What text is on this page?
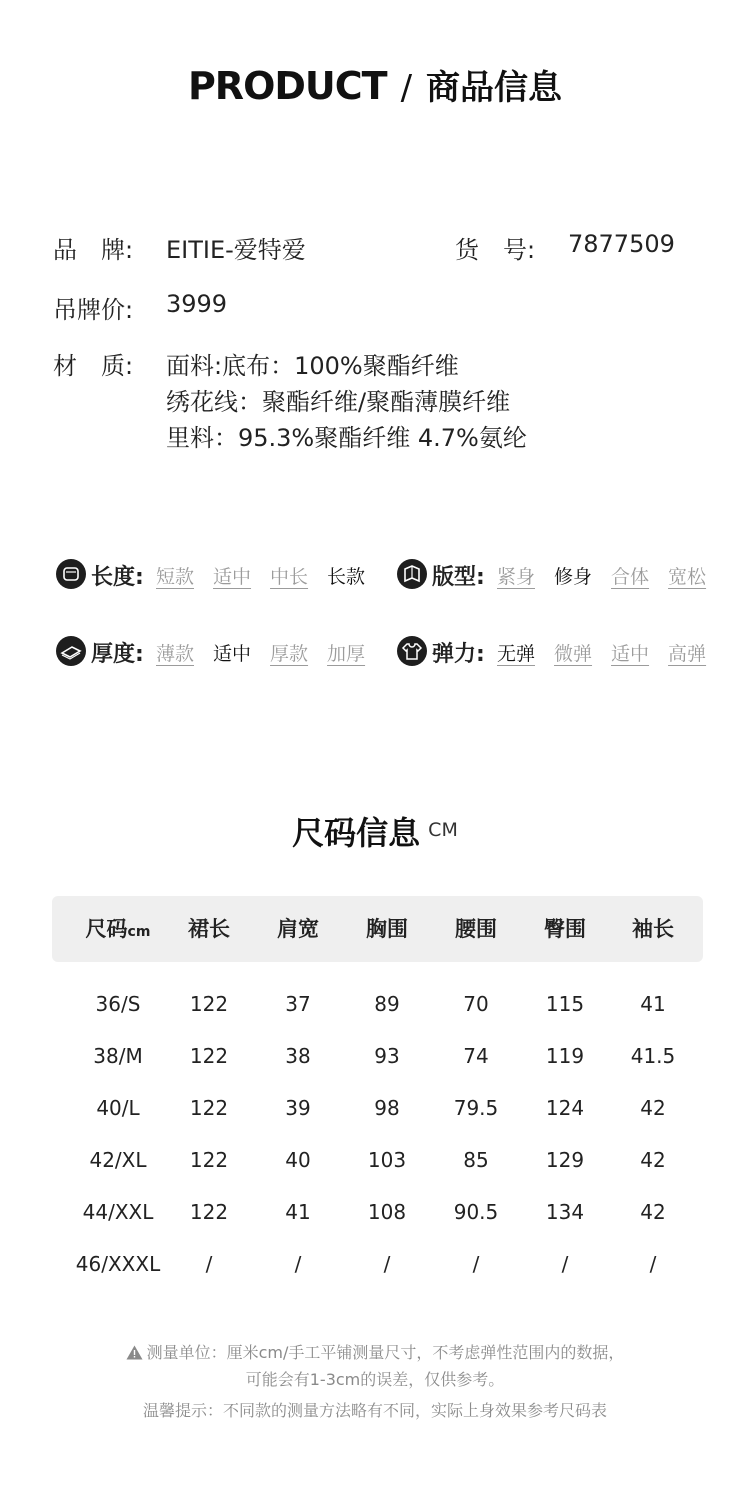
PRODUCT / 商品信息
品　牌: EITIE-爱特爱	货　号: 7877509
吊牌价: 3999
材　质: 面料:底布：100%聚酯纤维
绣花线：聚酯纤维/聚酯薄膜纤维
里料：95.3%聚酯纤维 4.7%氨纶
长度: 短款 适中 中长 长款	版型: 紧身 修身 合体 宽松
厚度: 薄款 适中 厚款 加厚	弹力: 无弹 微弹 适中 高弹
尺码信息 CM
尺码cm	裙长	肩宽	胸围	腰围	臀围	袖长
36/S	122	37	89	70	115	41
38/M	122	38	93	74	119	41.5
40/L	122	39	98	79.5	124	42
42/XL	122	40	103	85	129	42
44/XXL	122	41	108	90.5	134	42
46/XXXL	/	/	/	/	/	/
测量单位：厘米cm/手工平铺测量尺寸，不考虑弹性范围内的数据，
可能会有1-3cm的误差，仅供参考。
温馨提示：不同款的测量方法略有不同，实际上身效果参考尺码表
